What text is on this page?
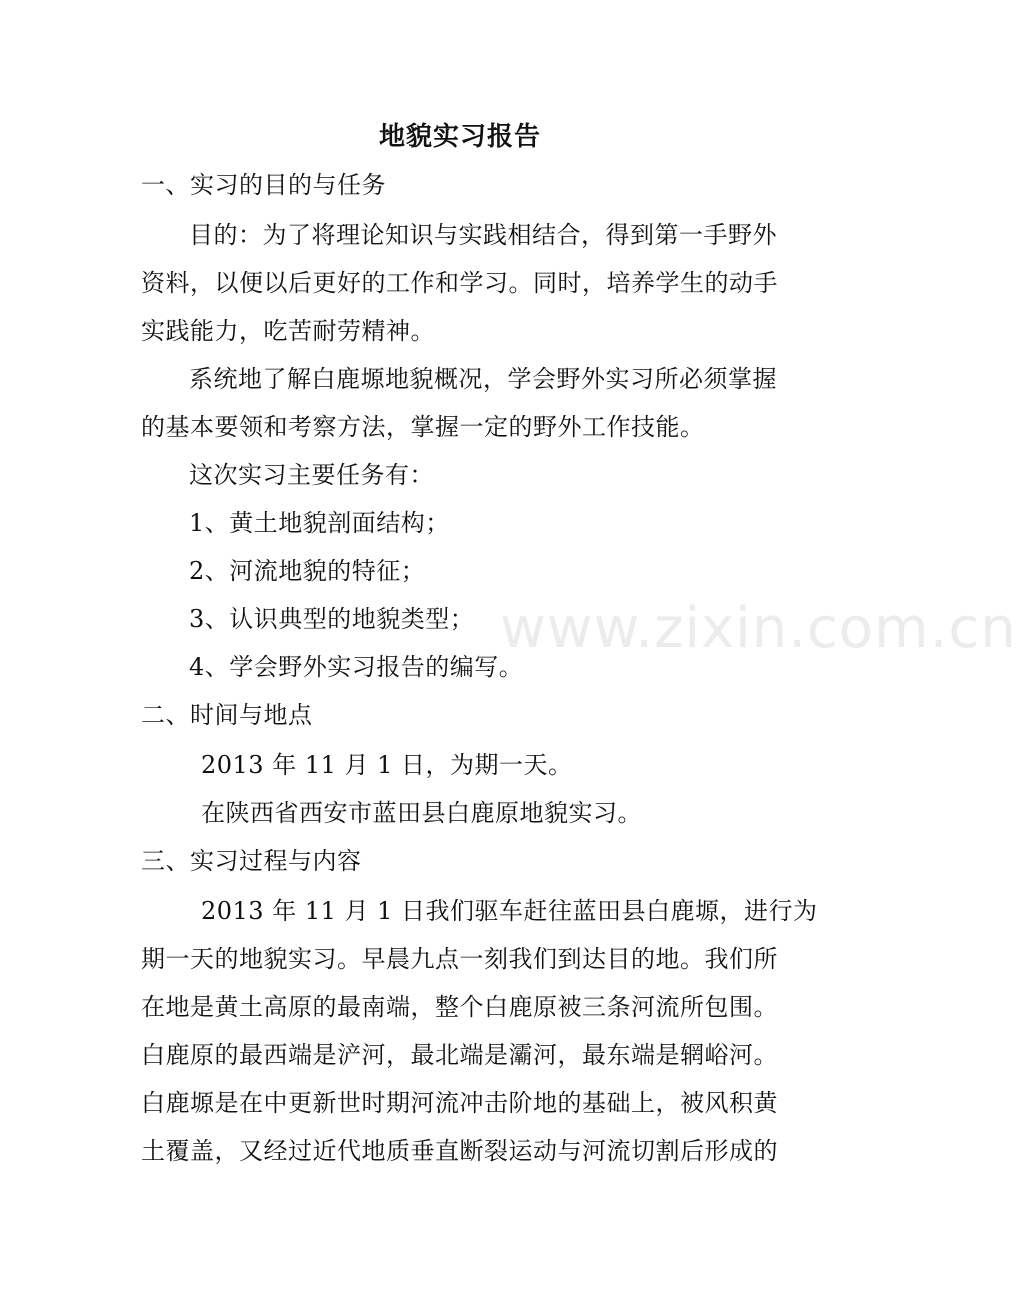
地貌实习报告
一、实习的目的与任务
目的：为了将理论知识与实践相结合，得到第一手野外
资料，以便以后更好的工作和学习。同时，培养学生的动手
实践能力，吃苦耐劳精神。
系统地了解白鹿塬地貌概况，学会野外实习所必须掌握
的基本要领和考察方法，掌握一定的野外工作技能。
这次实习主要任务有：
1、黄土地貌剖面结构；
2、河流地貌的特征；
3、认识典型的地貌类型；
4、学会野外实习报告的编写。
二、时间与地点
2013 年 11 月 1 日，为期一天。
在陕西省西安市蓝田县白鹿原地貌实习。
三、实习过程与内容
2013 年 11 月 1 日我们驱车赶往蓝田县白鹿塬，进行为
期一天的地貌实习。早晨九点一刻我们到达目的地。我们所
在地是黄土高原的最南端，整个白鹿原被三条河流所包围。
白鹿原的最西端是浐河，最北端是灞河，最东端是辋峪河。
白鹿塬是在中更新世时期河流冲击阶地的基础上，被风积黄
土覆盖，又经过近代地质垂直断裂运动与河流切割后形成的
www.zixin.com.cn
